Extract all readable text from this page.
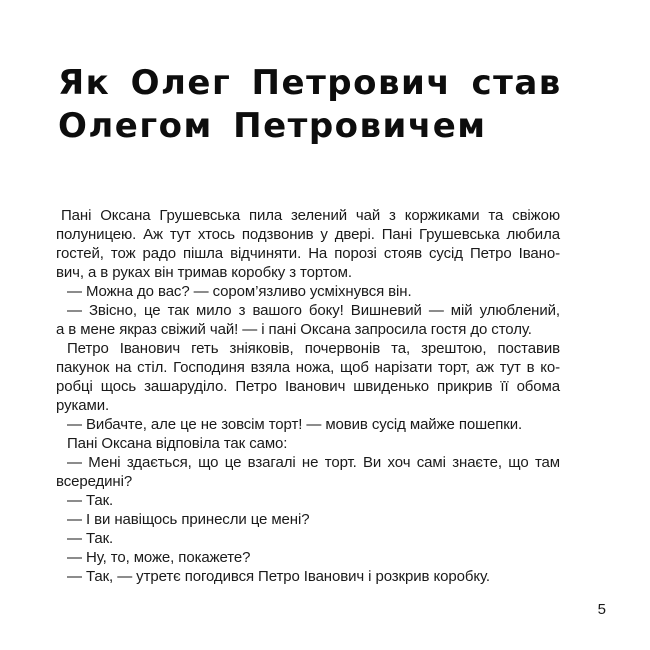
Як Олег Петрович став
Олегом Петровичем
Пані Оксана Грушевська пила зелений чай з коржиками та свіжою
полуницею. Аж тут хтось подзвонив у двері. Пані Грушевська любила
гостей, тож радо пішла відчиняти. На порозі стояв сусід Петро Івано-
вич, а в руках він тримав коробку з тортом.
— Можна до вас? — сором’язливо усміхнувся він.
— Звісно, це так мило з вашого боку! Вишневий — мій улюблений,
а в мене якраз свіжий чай! — і пані Оксана запросила гостя до столу.
Петро Іванович геть зніяковів, почервонів та, зрештою, поставив
пакунок на стіл. Господиня взяла ножа, щоб нарізати торт, аж тут в ко-
робці щось зашаруділо. Петро Іванович швиденько прикрив її обома
руками.
— Вибачте, але це не зовсім торт! — мовив сусід майже пошепки.
Пані Оксана відповіла так само:
— Мені здається, що це взагалі не торт. Ви хоч самі знаєте, що там
всередині?
— Так.
— І ви навіщось принесли це мені?
— Так.
— Ну, то, може, покажете?
— Так, — утретє погодився Петро Іванович і розкрив коробку.
5
